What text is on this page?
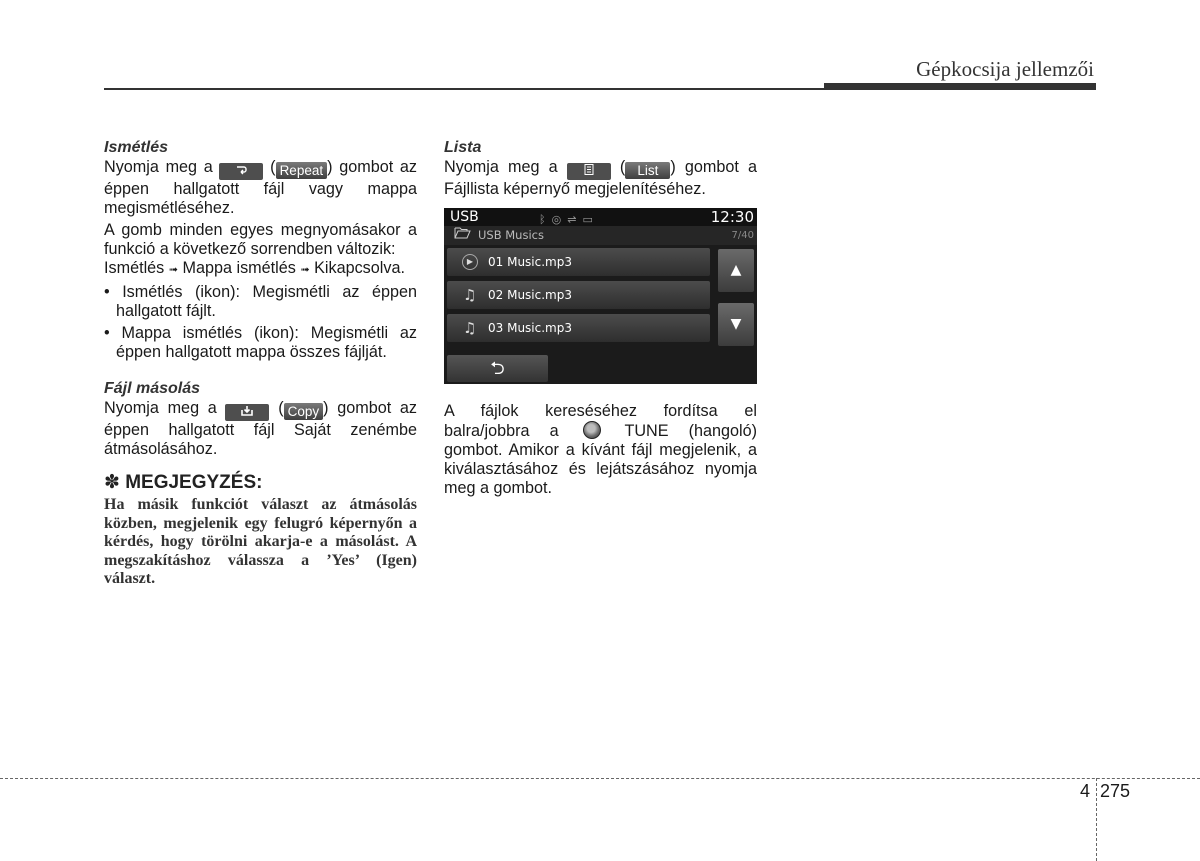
Gépkocsija jellemzői
Ismétlés
Nyomja meg a	( Repeat ) gombot az éppen hallgatott fájl vagy mappa megismétléséhez.
A gomb minden egyes megnyomásakor a funkció a következő sorrendben változik:
Ismétlés ➟ Mappa ismétlés ➟ Kikapcsolva.
• Ismétlés (ikon): Megismétli az éppen hallgatott fájlt.
• Mappa ismétlés (ikon): Megismétli az éppen hallgatott mappa összes fájlját.
Fájl másolás
Nyomja meg a	( Copy ) gombot az éppen hallgatott fájl Saját zenémbe átmásolásához.
✽ MEGJEGYZÉS:
Ha másik funkciót választ az átmásolás közben, megjelenik egy felugró képernyőn a kérdés, hogy törölni akarja-e a másolást. A megszakításhoz válassza a ’Yes’ (Igen) választ.
Lista
Nyomja meg a	( List ) gombot a Fájllista képernyő megjelenítéséhez.
USB	ᛒ◎⇌▭	12:30
USB Musics	7/40
▶	01 Music.mp3
♫ 02 Music.mp3
♫ 03 Music.mp3
▲
▼
⮌
A fájlok kereséséhez fordítsa el balra/jobbra a  TUNE (hangoló) gombot. Amikor a kívánt fájl megjelenik, a kiválasztásához és lejátszásához nyomja meg a gombot.
4 275
